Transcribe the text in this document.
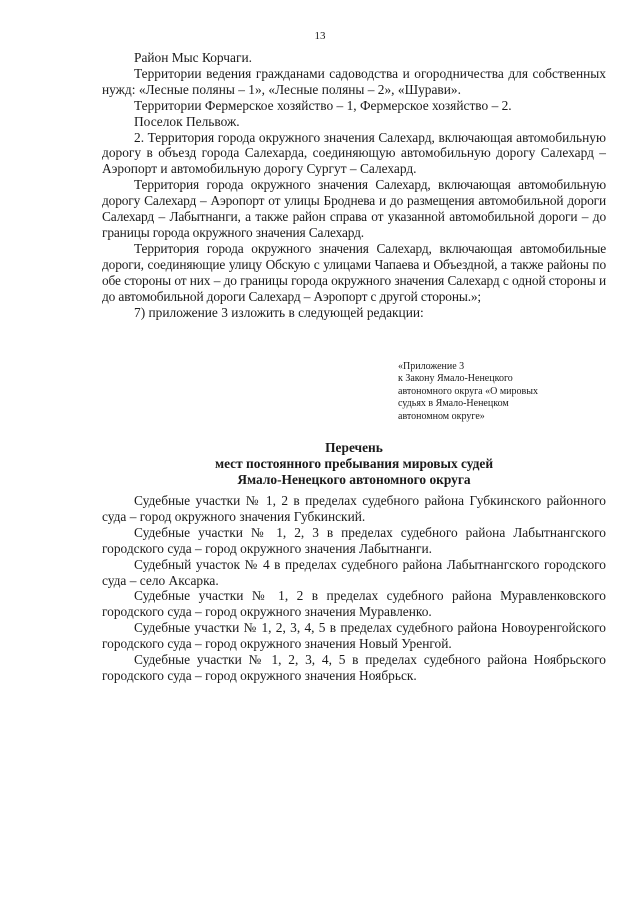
13

Район Мыс Корчаги.

Территории ведения гражданами садоводства и огородничества для собственных нужд: «Лесные поляны – 1», «Лесные поляны – 2», «Шурави».

Территории Фермерское хозяйство – 1, Фермерское хозяйство – 2.

Поселок Пельвож.

2. Территория города окружного значения Салехард, включающая автомобильную дорогу в объезд города Салехарда, соединяющую автомобильную дорогу Салехард – Аэропорт и автомобильную дорогу Сургут – Салехард.

Территория города окружного значения Салехард, включающая автомобильную дорогу Салехард – Аэропорт от улицы Броднева и до размещения автомобильной дороги Салехард – Лабытнанги, а также район справа от указанной автомобильной дороги – до границы города окружного значения Салехард.

Территория города окружного значения Салехард, включающая автомобильные дороги, соединяющие улицу Обскую с улицами Чапаева и Объездной, а также районы по обе стороны от них – до границы города окружного значения Салехард с одной стороны и до автомобильной дороги Салехард – Аэропорт с другой стороны.»;

7) приложение 3 изложить в следующей редакции:

«Приложение 3
к Закону Ямало-Ненецкого
автономного округа «О мировых
судьях в Ямало-Ненецком
автономном округе»
Перечень
мест постоянного пребывания мировых судей
Ямало-Ненецкого автономного округа

Судебные участки № 1, 2 в пределах судебного района Губкинского районного суда – город окружного значения Губкинский.

Судебные участки № 1, 2, 3 в пределах судебного района Лабытнангского городского суда – город окружного значения Лабытнанги.

Судебный участок № 4 в пределах судебного района Лабытнангского городского суда – село Аксарка.

Судебные участки № 1, 2 в пределах судебного района Муравленковского городского суда – город окружного значения Муравленко.

Судебные участки № 1, 2, 3, 4, 5 в пределах судебного района Новоуренгойского городского суда – город окружного значения Новый Уренгой.

Судебные участки № 1, 2, 3, 4, 5 в пределах судебного района Ноябрьского городского суда – город окружного значения Ноябрьск.
